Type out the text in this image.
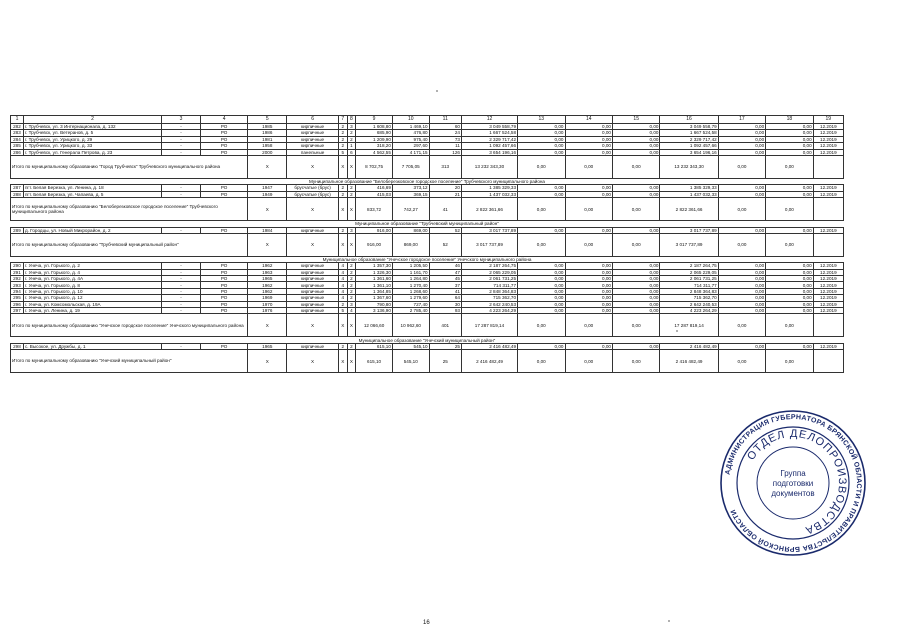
1	2	3	4	5	6	7	8	9	10	11	12	13	14	15	16	17	18	19
282	г. Трубчевск, ул. 3 Интернационала, д. 132	-	РО	1985	кирпичные	2	3	1 608,80	1 469,10	60	3 049 558,79	0,00	0,00	0,00	3 049 558,79	0,00	0,00	12.2019
283	г. Трубчевск, ул. Ветеранов, д. 5	-	РО	1986	кирпичные	2	2	685,90	476,80	24	1 667 524,58	0,00	0,00	0,00	1 667 524,58	0,00	0,00	12.2019
284	г. Трубчевск, ул. Урицкого, д. 29	-	РО	1981	кирпичные	2	2	1 209,90	975,40	73	2 329 717,42	0,00	0,00	0,00	2 329 717,42	0,00	0,00	12.2019
285	г. Трубчевск, ул. Урицкого, д. 33	-	РО	1958	кирпичные	2	1	318,20	297,60	11	1 092 457,66	0,00	0,00	0,00	1 092 457,66	0,00	0,00	12.2019
286	г. Трубчевск, ул. Генерала Петрова, д. 23	-	РО	2000	панельные	5	6	4 562,55	4 171,15	126	3 654 196,16	0,00	0,00	0,00	3 654 196,16	0,00	0,00	12.2019
Итого по муниципальному образованию "Город Трубчевск" Трубчевского муниципального района				X	X	X	X	8 702,75	7 705,05	313	13 232 343,30	0,00	0,00	0,00	13 232 343,30	0,00	0,00	
Муниципальное образование "Белоберезковское городское поселение" Трубчевского муниципального района																		
287	пгт. Белая Березка, ул. Ленина, д. 18	-	РО	1947	брусчатые (брус)	2	2	416,69	373,12	20	1 385 329,33	0,00	0,00	0,00	1 385 329,33	0,00	0,00	12.2019
288	пгт. Белая Березка, ул. Чапаева, д. 5	-	РО	1949	брусчатые (брус)	2	2	415,03	369,15	21	1 437 032,33	0,00	0,00	0,00	1 437 032,33	0,00	0,00	12.2019
Итого по муниципальному образованию "Белоберезковское городское поселение" Трубчевского муниципального района				X	X	X	X	833,72	742,27	41	2 822 361,66	0,00	0,00	0,00	2 822 361,66	0,00	0,00	
Муниципальное образование "Трубчевский муниципальный район"																		
289	д. Городцы, ул. Новый Микрорайон, д. 2	-	РО	1984	кирпичные	2	3	916,00	869,00	52	3 017 737,89	0,00	0,00	0,00	3 017 737,89	0,00	0,00	12.2019
Итого по муниципальному образованию "Трубчевский муниципальный район"				X	X	X	X	916,00	869,00	52	3 017 737,89	0,00	0,00	0,00	3 017 737,89	0,00	0,00	
Муниципальное образование "Унечское городское поселение" Унечского муниципального района																		
290	г. Унеча, ул. Горького, д. 2	-	РО	1962	кирпичные	4	2	1 357,30	1 205,50	46	2 187 264,75	0,00	0,00	0,00	2 187 264,75	0,00	0,00	12.2019
291	г. Унеча, ул. Горького, д. 4	-	РО	1963	кирпичные	4	2	1 326,30	1 161,70	47	2 065 229,05	0,00	0,00	0,00	2 065 229,05	0,00	0,00	12.2019
292	г. Унеча, ул. Горького, д. 4А	-	РО	1965	кирпичные	4	2	1 361,60	1 264,80	45	2 061 731,25	0,00	0,00	0,00	2 061 731,25	0,00	0,00	12.2019
293	г. Унеча, ул. Горького, д. 8	-	РО	1962	кирпичные	4	2	1 361,10	1 270,40	37	714 311,77	0,00	0,00	0,00	714 311,77	0,00	0,00	12.2019
294	г. Унеча, ул. Горького, д. 10	-	РО	1962	кирпичные	4	2	1 364,85	1 268,60	41	2 848 364,83	0,00	0,00	0,00	2 848 364,83	0,00	0,00	12.2019
295	г. Унеча, ул. Горького, д. 12	-	РО	1969	кирпичные	4	2	1 367,60	1 279,60	64	715 362,70	0,00	0,00	0,00	715 362,70	0,00	0,00	12.2019
296	г. Унеча, ул. Комсомольская, д. 19А	-	РО	1970	кирпичные	2	3	790,80	727,40	30	2 642 240,53	0,00	0,00	0,00	2 642 240,53	0,00	0,00	12.2019
297	г. Унеча, ул. Ленина, д. 19	-	РО	1976	кирпичные	5	4	3 136,90	2 785,40	93	4 223 264,29	0,00	0,00	0,00	4 223 264,29	0,00	0,00	12.2019
Итого по муниципальному образованию "Унечское городское поселение" Унечского муниципального района				X	X	X	X	12 066,60	10 962,60	401	17 287 819,14	0,00	0,00	0,00	17 287 819,14	0,00	0,00	
Муниципальное образование "Унечский муниципальный район"																		
298	с. Высокое, ул. Дружбы, д. 1	-	РО	1965	кирпичные	2	2	615,10	545,10	25	2 416 482,49	0,00	0,00	0,00	2 416 482,49	0,00	0,00	12.2019
Итого по муниципальному образованию "Унечский муниципальный район"				X	X	X	X	615,10	545,10	25	2 416 482,49	0,00	0,00	0,00	2 416 482,49	0,00	0,00	
16
АДМИНИСТРАЦИЯ ГУБЕРНАТОРА БРЯНСКОЙ ОБЛАСТИ И ПРАВИТЕЛЬСТВА БРЯНСКОЙ ОБЛАСТИ
ОТДЕЛ ДЕЛОПРОИЗВОДСТВА
Группа
подготовки
документов
